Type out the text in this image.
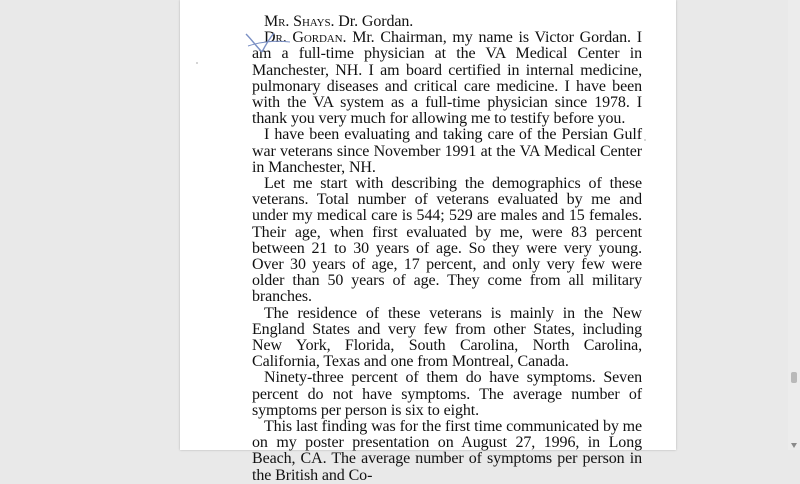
Mr. Shays. Dr. Gordan.

Dr. Gordan. Mr. Chairman, my name is Victor Gordan. I am a full-time physician at the VA Medical Center in Manchester, NH. I am board certified in internal medicine, pulmonary diseases and critical care medicine. I have been with the VA system as a full-time physician since 1978. I thank you very much for allowing me to testify before you.

I have been evaluating and taking care of the Persian Gulf war veterans since November 1991 at the VA Medical Center in Manchester, NH.

Let me start with describing the demographics of these veterans. Total number of veterans evaluated by me and under my medical care is 544; 529 are males and 15 females. Their age, when first evaluated by me, were 83 percent between 21 to 30 years of age. So they were very young. Over 30 years of age, 17 percent, and only very few were older than 50 years of age. They come from all military branches.

The residence of these veterans is mainly in the New England States and very few from other States, including New York, Florida, South Carolina, North Carolina, California, Texas and one from Montreal, Canada.

Ninety-three percent of them do have symptoms. Seven percent do not have symptoms. The average number of symptoms per person is six to eight.

This last finding was for the first time communicated by me on my poster presentation on August 27, 1996, in Long Beach, CA. The average number of symptoms per person in the British and Co-
